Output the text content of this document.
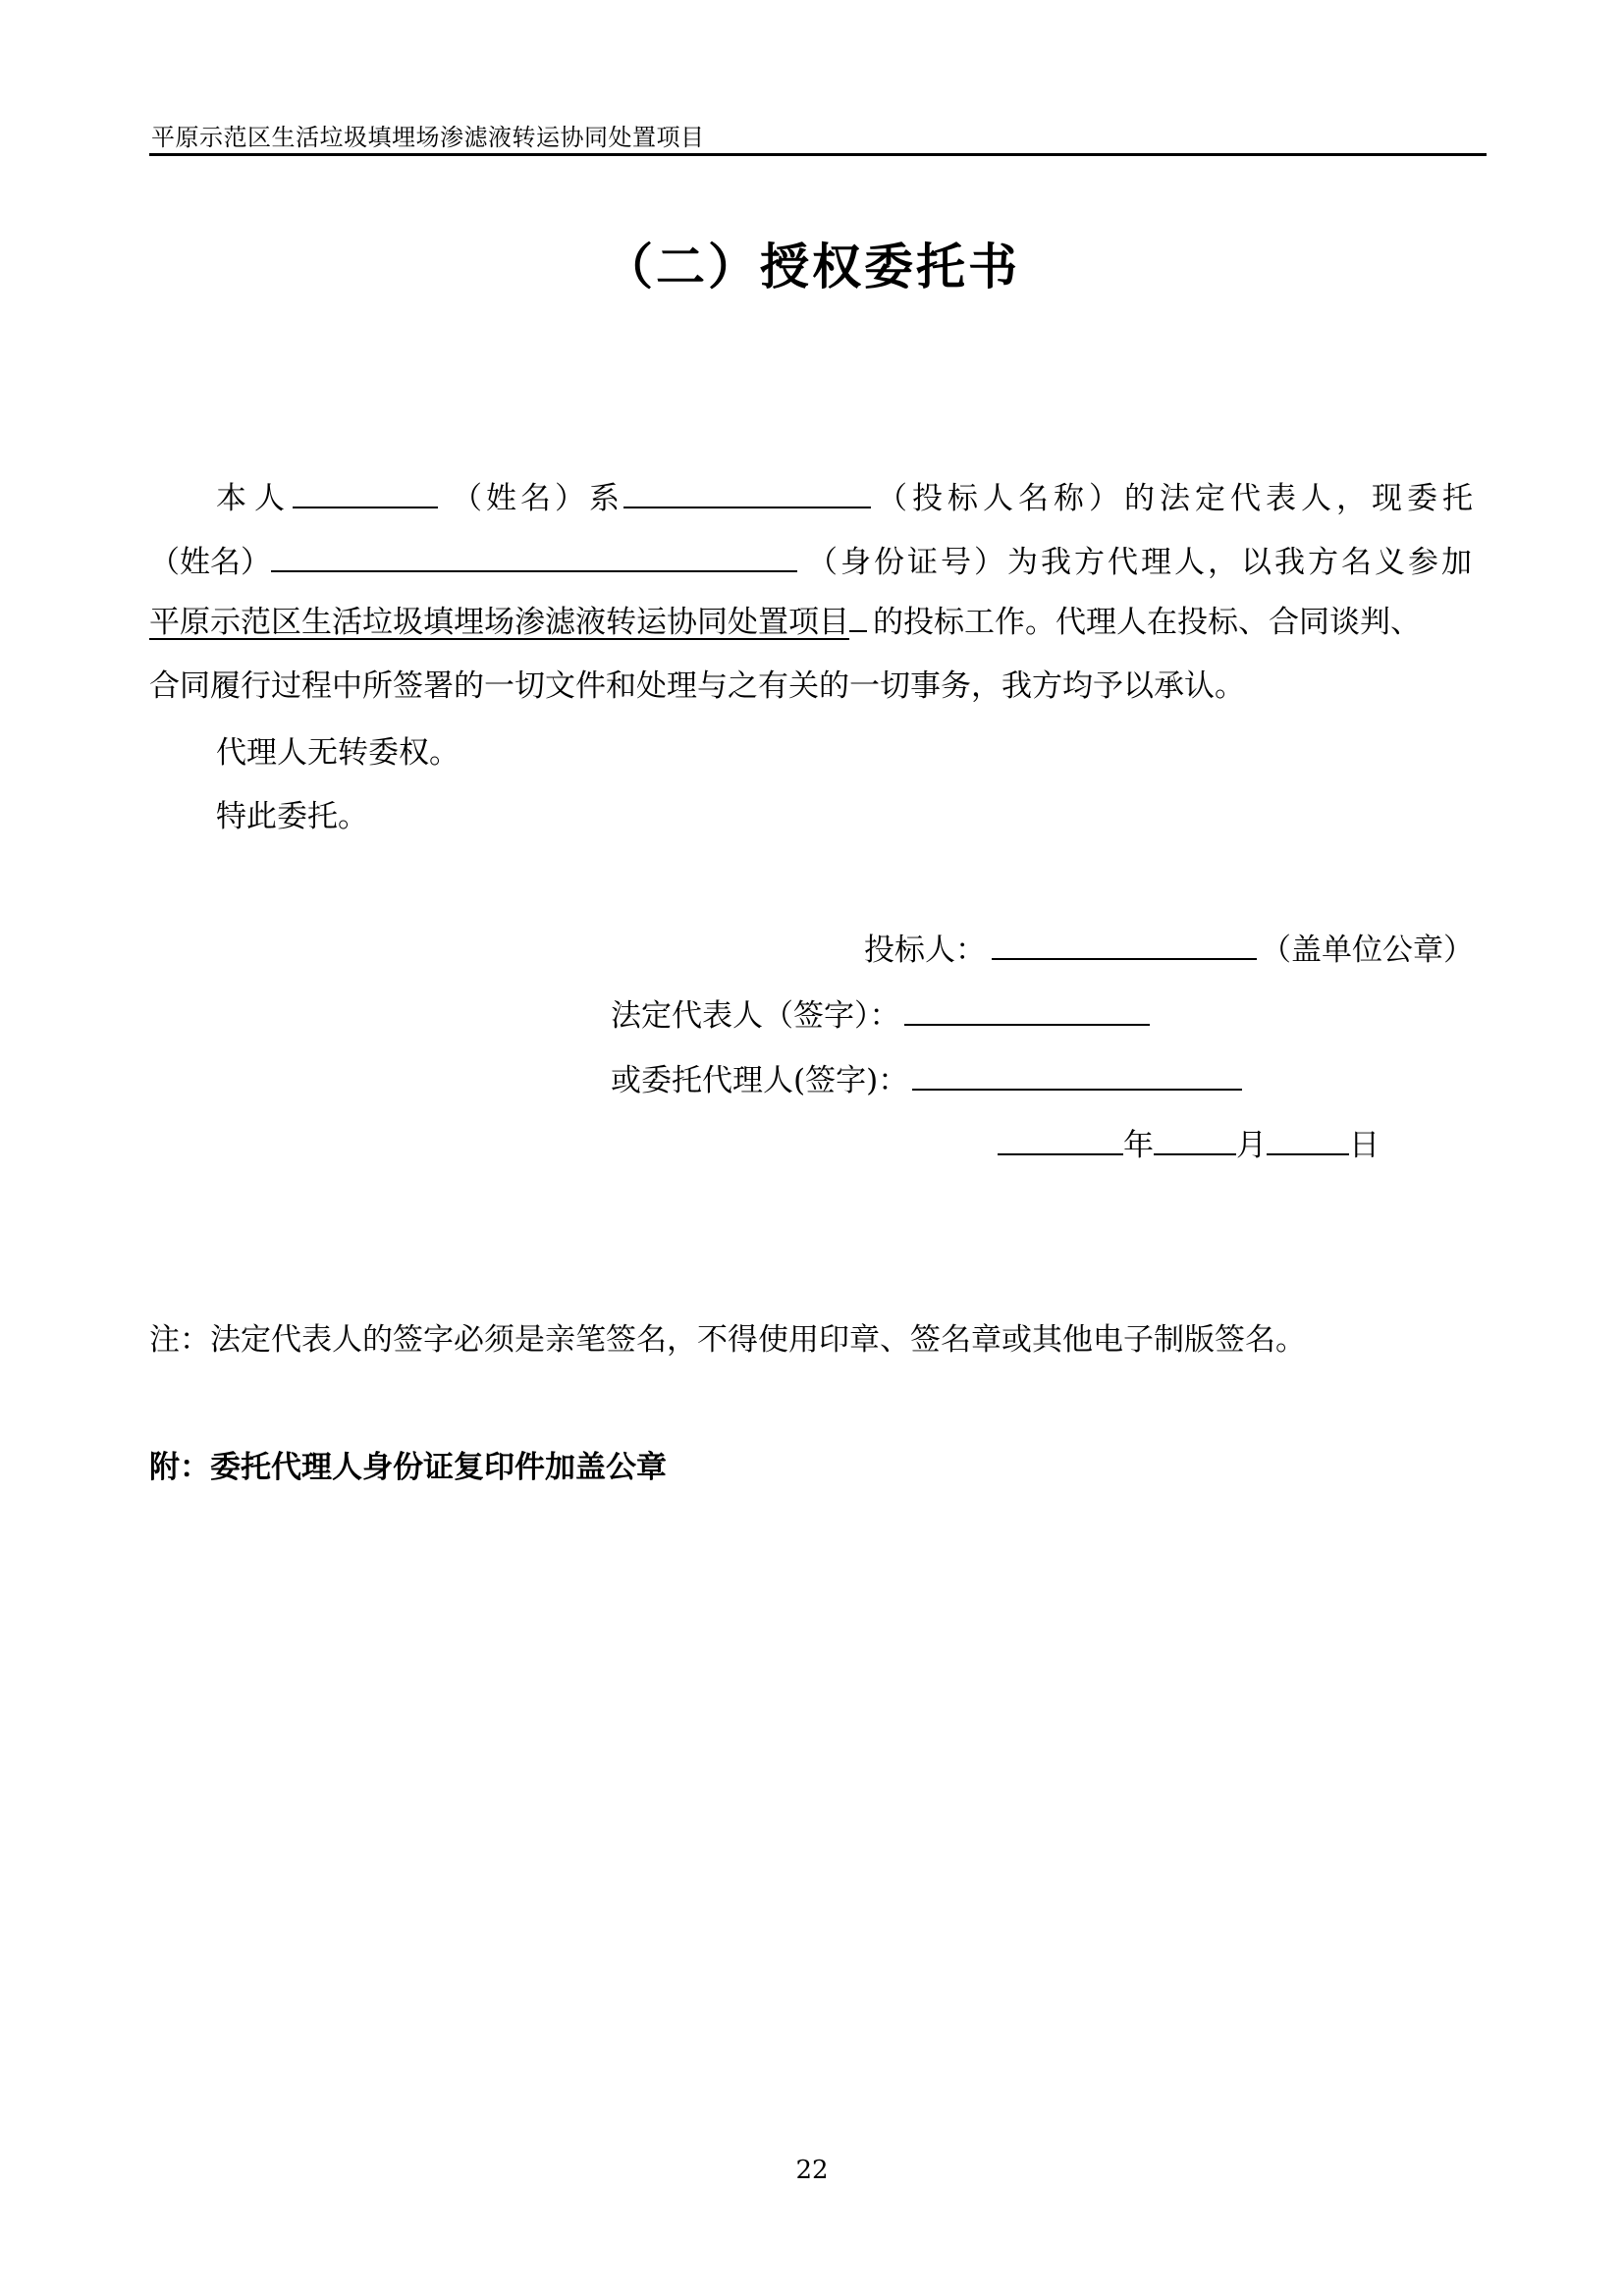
平原示范区生活垃圾填埋场渗滤液转运协同处置项目
（二）授权委托书
本人	（姓名）系	（投标人名称）的法定代表人，现委托
（姓名）	（身份证号）为我方代理人，以我方名义参加
平原示范区生活垃圾填埋场渗滤液转运协同处置项目 的投标工作。代理人在投标、合同谈判、
合同履行过程中所签署的一切文件和处理与之有关的一切事务，我方均予以承认。
代理人无转委权。
特此委托。
投标人：	（盖单位公章）
法定代表人（签字）：
或委托代理人(签字)：
年	月	日
注：法定代表人的签字必须是亲笔签名，不得使用印章、签名章或其他电子制版签名。
附：委托代理人身份证复印件加盖公章
22
